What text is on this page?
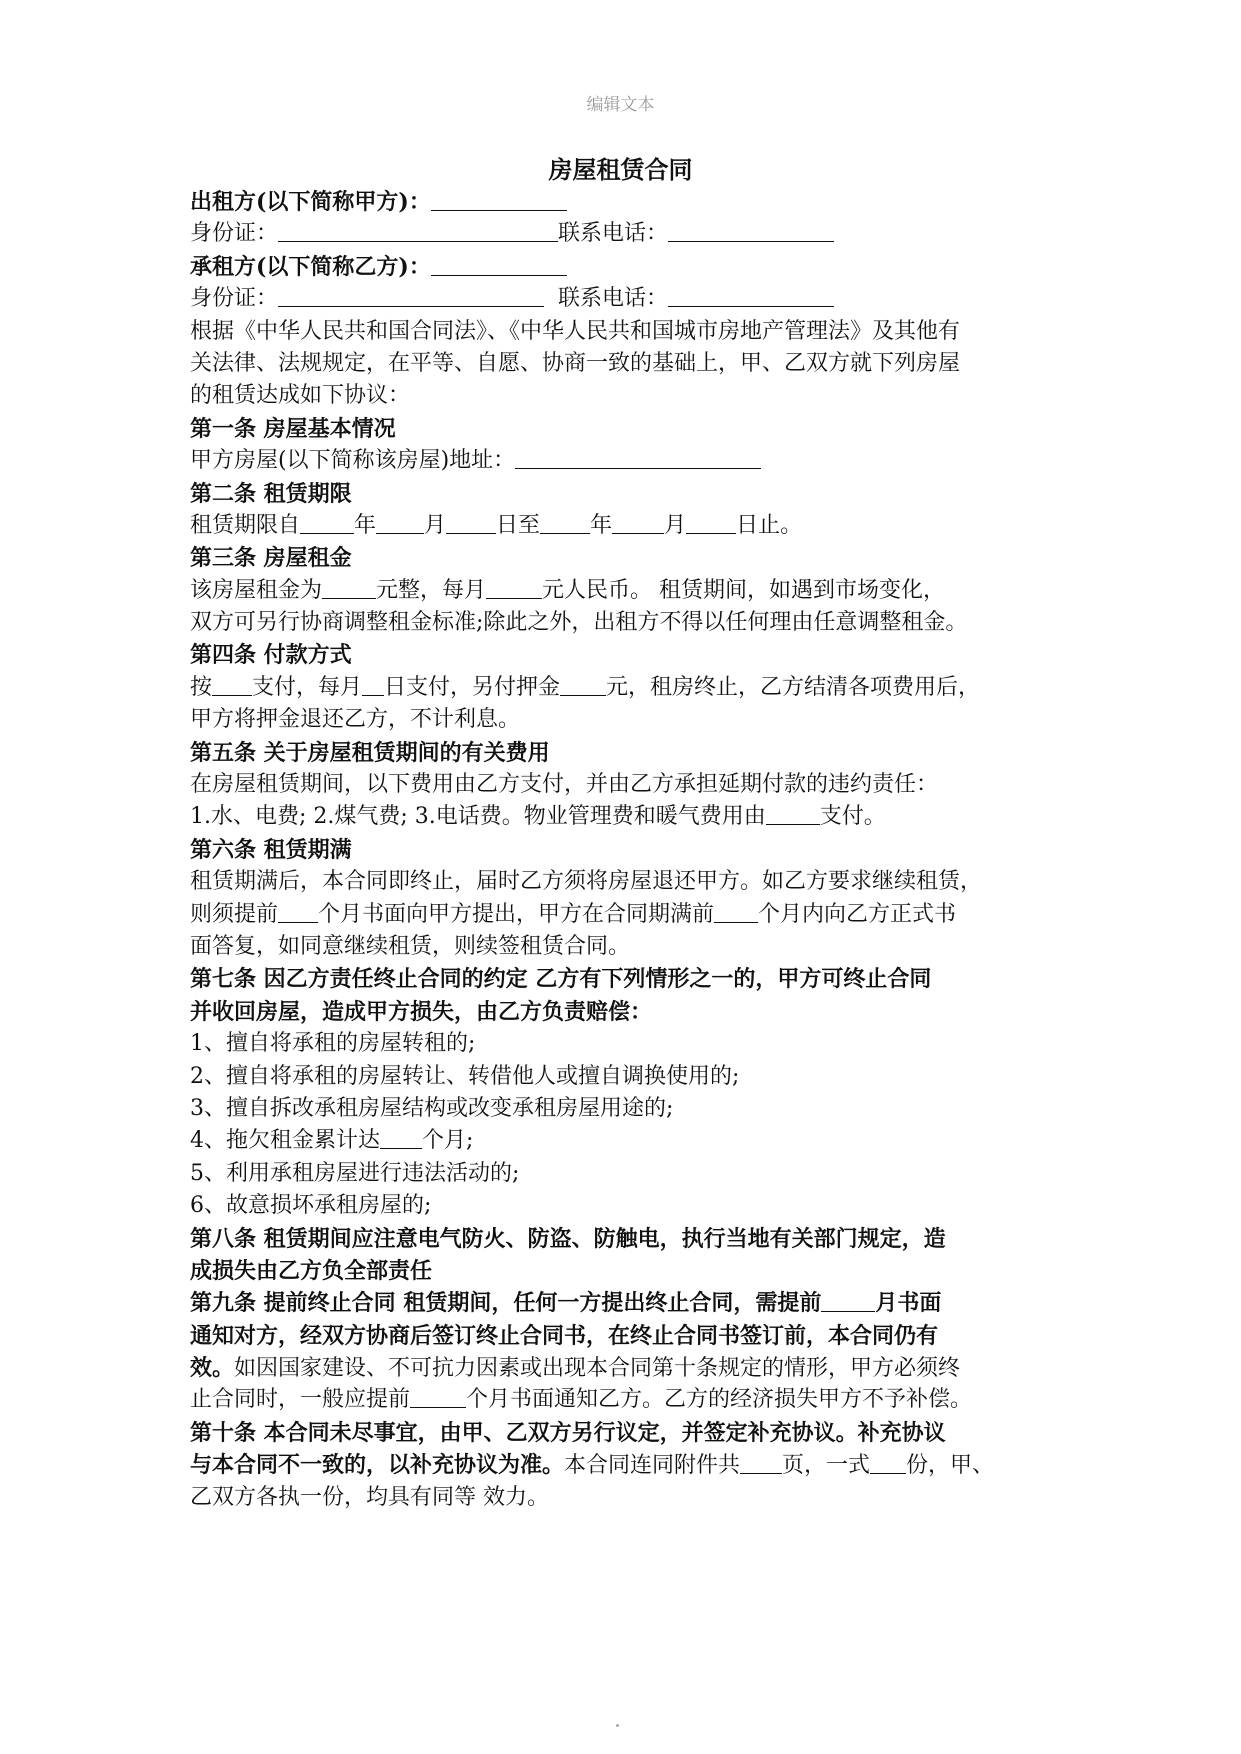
编辑文本
房屋租赁合同
出租方(以下简称甲方)：
身份证：	联系电话：
承租方(以下简称乙方)：
身份证：	联系电话：
根据《中华人民共和国合同法》、《中华人民共和国城市房地产管理法》及其他有
关法律、法规规定，在平等、自愿、协商一致的基础上，甲、乙双方就下列房屋
的租赁达成如下协议：
第一条 房屋基本情况
甲方房屋(以下简称该房屋)地址：
第二条 租赁期限
租赁期限自 年 月 日至 年 月 日止。
第三条 房屋租金
该房屋租金为 元整，每月	元人民币。 租赁期间，如遇到市场变化，
双方可另行协商调整租金标准;除此之外，出租方不得以任何理由任意调整租金。
第四条 付款方式
按 支付，每月 日支付，另付押金 元，租房终止，乙方结清各项费用后，
甲方将押金退还乙方，不计利息。
第五条 关于房屋租赁期间的有关费用
在房屋租赁期间，以下费用由乙方支付，并由乙方承担延期付款的违约责任：
1.水、电费; 2.煤气费; 3.电话费。物业管理费和暖气费用由 支付。
第六条 租赁期满
租赁期满后，本合同即终止，届时乙方须将房屋退还甲方。如乙方要求继续租赁，
则须提前 个月书面向甲方提出，甲方在合同期满前 个月内向乙方正式书
面答复，如同意继续租赁，则续签租赁合同。
第七条 因乙方责任终止合同的约定 乙方有下列情形之一的，甲方可终止合同
并收回房屋，造成甲方损失，由乙方负责赔偿：
1、擅自将承租的房屋转租的;
2、擅自将承租的房屋转让、转借他人或擅自调换使用的;
3、擅自拆改承租房屋结构或改变承租房屋用途的;
4、拖欠租金累计达 个月;
5、利用承租房屋进行违法活动的;
6、故意损坏承租房屋的;
第八条 租赁期间应注意电气防火、防盗、防触电，执行当地有关部门规定，造
成损失由乙方负全部责任
第九条 提前终止合同 租赁期间，任何一方提出终止合同，需提前 月书面
通知对方，经双方协商后签订终止合同书，在终止合同书签订前，本合同仍有
效。如因国家建设、不可抗力因素或出现本合同第十条规定的情形，甲方必须终
止合同时，一般应提前	个月书面通知乙方。乙方的经济损失甲方不予补偿。
第十条 本合同未尽事宜，由甲、乙双方另行议定，并签定补充协议。补充协议
与本合同不一致的，以补充协议为准。本合同连同附件共 页，一式 份，甲、
乙双方各执一份，均具有同等 效力。
